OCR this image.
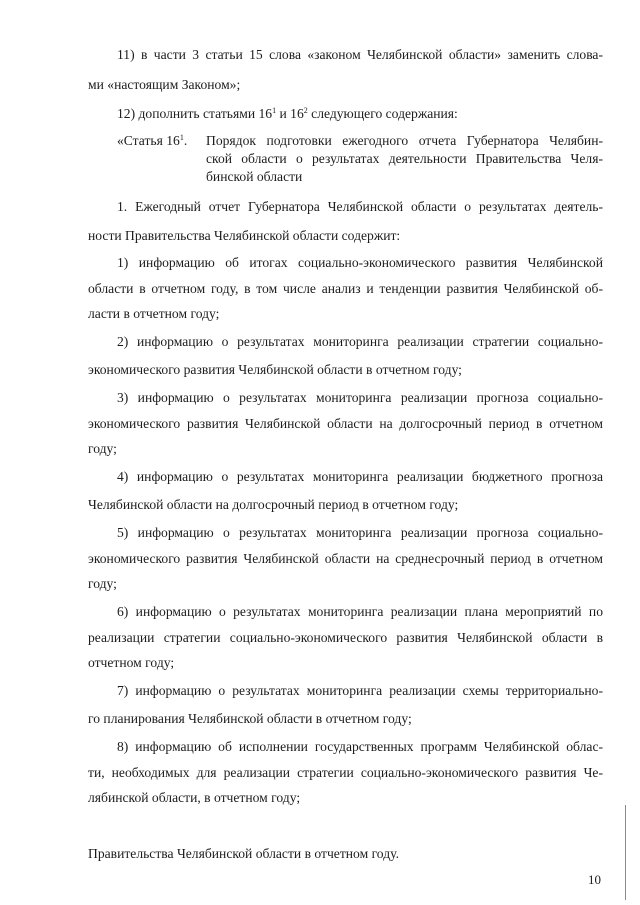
11) в части 3 статьи 15 слова «законом Челябинской области» заменить слова-

ми «настоящим Законом»;

12) дополнить статьями $16^1$ и $16^2$ следующего содержания:

«Статья $16^1$. Порядок подготовки ежегодного отчета Губернатора Челябин-

ской области о результатах деятельности Правительства Челя-

бинской области

1. Ежегодный отчет Губернатора Челябинской области о результатах деятель-

ности Правительства Челябинской области содержит:

1) информацию об итогах социально-экономического развития Челябинской

области в отчетном году, в том числе анализ и тенденции развития Челябинской об-

ласти в отчетном году;

2) информацию о результатах мониторинга реализации стратегии социально-

экономического развития Челябинской области в отчетном году;

3) информацию о результатах мониторинга реализации прогноза социально-

экономического развития Челябинской области на долгосрочный период в отчетном

году;

4) информацию о результатах мониторинга реализации бюджетного прогноза

Челябинской области на долгосрочный период в отчетном году;

5) информацию о результатах мониторинга реализации прогноза социально-

экономического развития Челябинской области на среднесрочный период в отчетном

году;

6) информацию о результатах мониторинга реализации плана мероприятий по

реализации стратегии социально-экономического развития Челябинской области в

отчетном году;

7) информацию о результатах мониторинга реализации схемы территориально-

го планирования Челябинской области в отчетном году;

8) информацию об исполнении государственных программ Челябинской облас-

ти, необходимых для реализации стратегии социально-экономического развития Че-

лябинской области, в отчетном году;

Правительства Челябинской области в отчетном году.

10
